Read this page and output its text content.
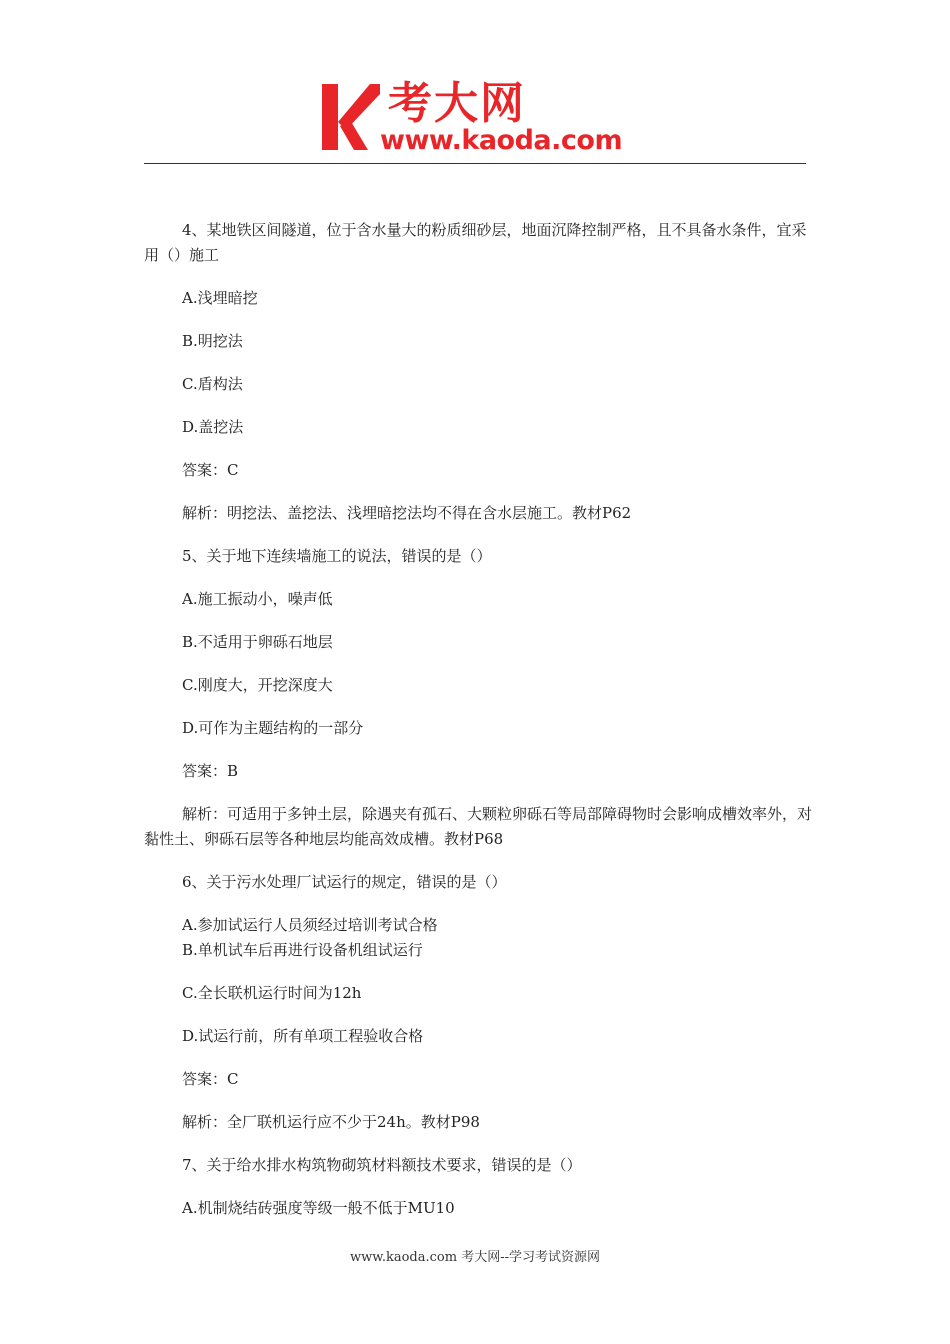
考大网
www.kaoda.com

4、某地铁区间隧道，位于含水量大的粉质细砂层，地面沉降控制严格，且不具备水条件，宜采用（）施工

A.浅埋暗挖

B.明挖法

C.盾构法

D.盖挖法

答案：C

解析：明挖法、盖挖法、浅埋暗挖法均不得在含水层施工。教材P62

5、关于地下连续墙施工的说法，错误的是（）

A.施工振动小，噪声低

B.不适用于卵砾石地层

C.刚度大，开挖深度大

D.可作为主题结构的一部分

答案：B

解析：可适用于多钟土层，除遇夹有孤石、大颗粒卵砾石等局部障碍物时会影响成槽效率外，对黏性土、卵砾石层等各种地层均能高效成槽。教材P68

6、关于污水处理厂试运行的规定，错误的是（）

A.参加试运行人员须经过培训考试合格

B.单机试车后再进行设备机组试运行

C.全长联机运行时间为12h

D.试运行前，所有单项工程验收合格

答案：C

解析：全厂联机运行应不少于24h。教材P98

7、关于给水排水构筑物砌筑材料额技术要求，错误的是（）

A.机制烧结砖强度等级一般不低于MU10

www.kaoda.com 考大网--学习考试资源网
